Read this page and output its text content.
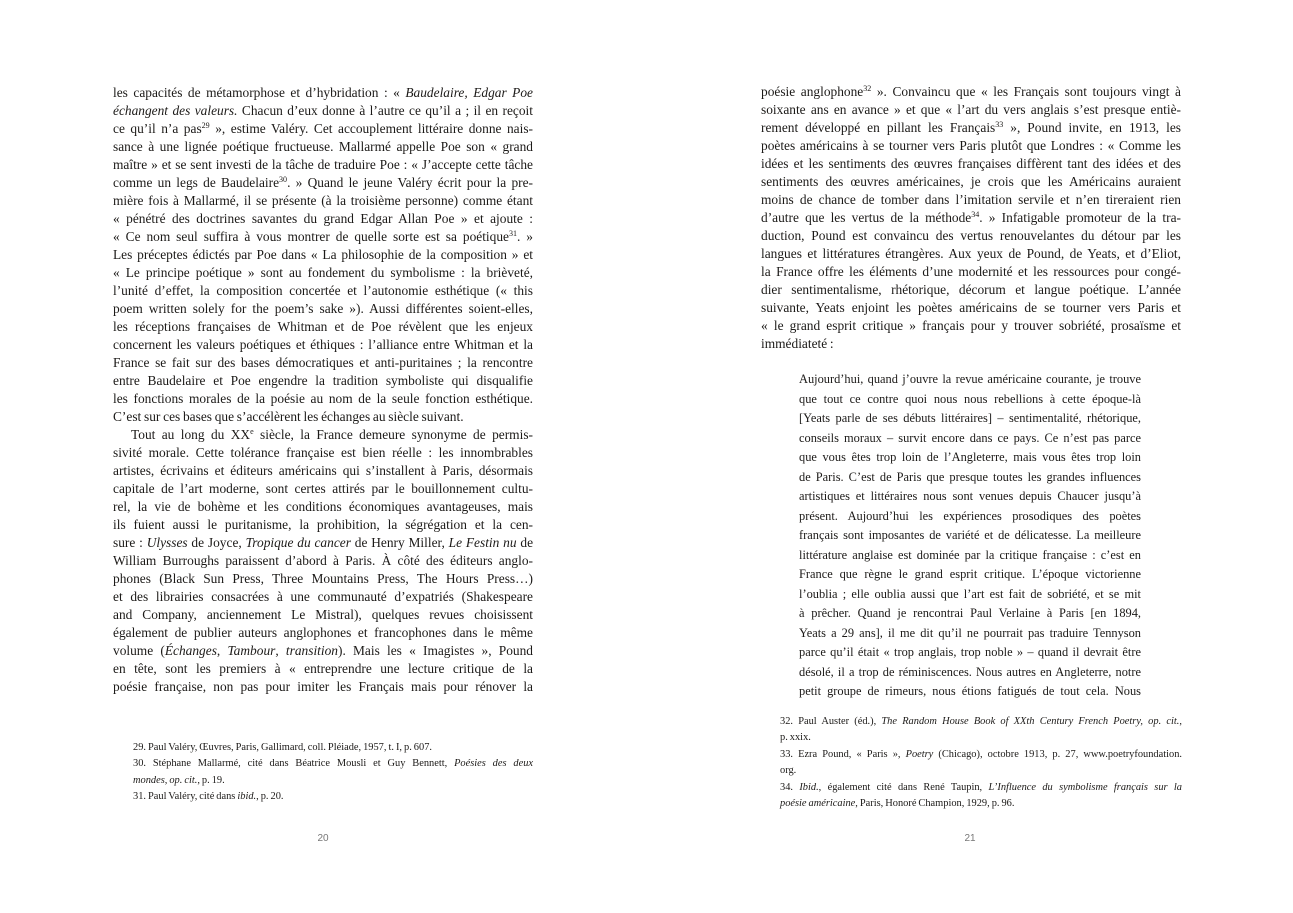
les capacités de métamorphose et d’hybridation : « Baudelaire, Edgar Poe
échangent des valeurs. Chacun d’eux donne à l’autre ce qu’il a ; il en reçoit
ce qu’il n’a pas$^{29}$ », estime Valéry. Cet accouplement littéraire donne nais-
sance à une lignée poétique fructueuse. Mallarmé appelle Poe son « grand
maître » et se sent investi de la tâche de traduire Poe : « J’accepte cette tâche
comme un legs de Baudelaire$^{30}$. » Quand le jeune Valéry écrit pour la pre-
mière fois à Mallarmé, il se présente (à la troisième personne) comme étant
« pénétré des doctrines savantes du grand Edgar Allan Poe » et ajoute :
« Ce nom seul suffira à vous montrer de quelle sorte est sa poétique$^{31}$. »
Les préceptes édictés par Poe dans « La philosophie de la composition » et
« Le principe poétique » sont au fondement du symbolisme : la brièveté,
l’unité d’effet, la composition concertée et l’autonomie esthétique (« this
poem written solely for the poem’s sake »). Aussi différentes soient-elles,
les réceptions françaises de Whitman et de Poe révèlent que les enjeux
concernent les valeurs poétiques et éthiques : l’alliance entre Whitman et la
France se fait sur des bases démocratiques et anti-puritaines ; la rencontre
entre Baudelaire et Poe engendre la tradition symboliste qui disqualifie
les fonctions morales de la poésie au nom de la seule fonction esthétique.
C’est sur ces bases que s’accélèrent les échanges au siècle suivant.
Tout au long du XXe siècle, la France demeure synonyme de permis-
sivité morale. Cette tolérance française est bien réelle : les innombrables
artistes, écrivains et éditeurs américains qui s’installent à Paris, désormais
capitale de l’art moderne, sont certes attirés par le bouillonnement cultu-
rel, la vie de bohème et les conditions économiques avantageuses, mais
ils fuient aussi le puritanisme, la prohibition, la ségrégation et la cen-
sure : Ulysses de Joyce, Tropique du cancer de Henry Miller, Le Festin nu de
William Burroughs paraissent d’abord à Paris. À côté des éditeurs anglo-
phones (Black Sun Press, Three Mountains Press, The Hours Press…)
et des librairies consacrées à une communauté d’expatriés (Shakespeare
and Company, anciennement Le Mistral), quelques revues choisissent
également de publier auteurs anglophones et francophones dans le même
volume (Échanges, Tambour, transition). Mais les « Imagistes », Pound
en tête, sont les premiers à « entreprendre une lecture critique de la
poésie française, non pas pour imiter les Français mais pour rénover la
29. Paul Valéry, Œuvres, Paris, Gallimard, coll. Pléiade, 1957, t. I, p. 607.
30. Stéphane Mallarmé, cité dans Béatrice Mousli et Guy Bennett, Poésies des deux
mondes, op. cit., p. 19.
31. Paul Valéry, cité dans ibid., p. 20.
20
poésie anglophone$^{32}$ ». Convaincu que « les Français sont toujours vingt à
soixante ans en avance » et que « l’art du vers anglais s’est presque entiè-
rement développé en pillant les Français$^{33}$ », Pound invite, en 1913, les
poètes américains à se tourner vers Paris plutôt que Londres : « Comme les
idées et les sentiments des œuvres françaises diffèrent tant des idées et des
sentiments des œuvres américaines, je crois que les Américains auraient
moins de chance de tomber dans l’imitation servile et n’en tireraient rien
d’autre que les vertus de la méthode$^{34}$. » Infatigable promoteur de la tra-
duction, Pound est convaincu des vertus renouvelantes du détour par les
langues et littératures étrangères. Aux yeux de Pound, de Yeats, et d’Eliot,
la France offre les éléments d’une modernité et les ressources pour congé-
dier sentimentalisme, rhétorique, décorum et langue poétique. L’année
suivante, Yeats enjoint les poètes américains de se tourner vers Paris et
« le grand esprit critique » français pour y trouver sobriété, prosaïsme et
immédiateté :
Aujourd’hui, quand j’ouvre la revue américaine courante, je trouve
que tout ce contre quoi nous nous rebellions à cette époque-là
[Yeats parle de ses débuts littéraires] – sentimentalité, rhétorique,
conseils moraux – survit encore dans ce pays. Ce n’est pas parce
que vous êtes trop loin de l’Angleterre, mais vous êtes trop loin
de Paris. C’est de Paris que presque toutes les grandes influences
artistiques et littéraires nous sont venues depuis Chaucer jusqu’à
présent. Aujourd’hui les expériences prosodiques des poètes
français sont imposantes de variété et de délicatesse. La meilleure
littérature anglaise est dominée par la critique française : c’est en
France que règne le grand esprit critique. L’époque victorienne
l’oublia ; elle oublia aussi que l’art est fait de sobriété, et se mit
à prêcher. Quand je rencontrai Paul Verlaine à Paris [en 1894,
Yeats a 29 ans], il me dit qu’il ne pourrait pas traduire Tennyson
parce qu’il était « trop anglais, trop noble » – quand il devrait être
désolé, il a trop de réminiscences. Nous autres en Angleterre, notre
petit groupe de rimeurs, nous étions fatigués de tout cela. Nous
32. Paul Auster (éd.), The Random House Book of XXth Century French Poetry, op. cit.,
p. xxix.
33. Ezra Pound, « Paris », Poetry (Chicago), octobre 1913, p. 27, www.poetryfoundation.
org.
34. Ibid., également cité dans René Taupin, L’Influence du symbolisme français sur la
poésie américaine, Paris, Honoré Champion, 1929, p. 96.
21
